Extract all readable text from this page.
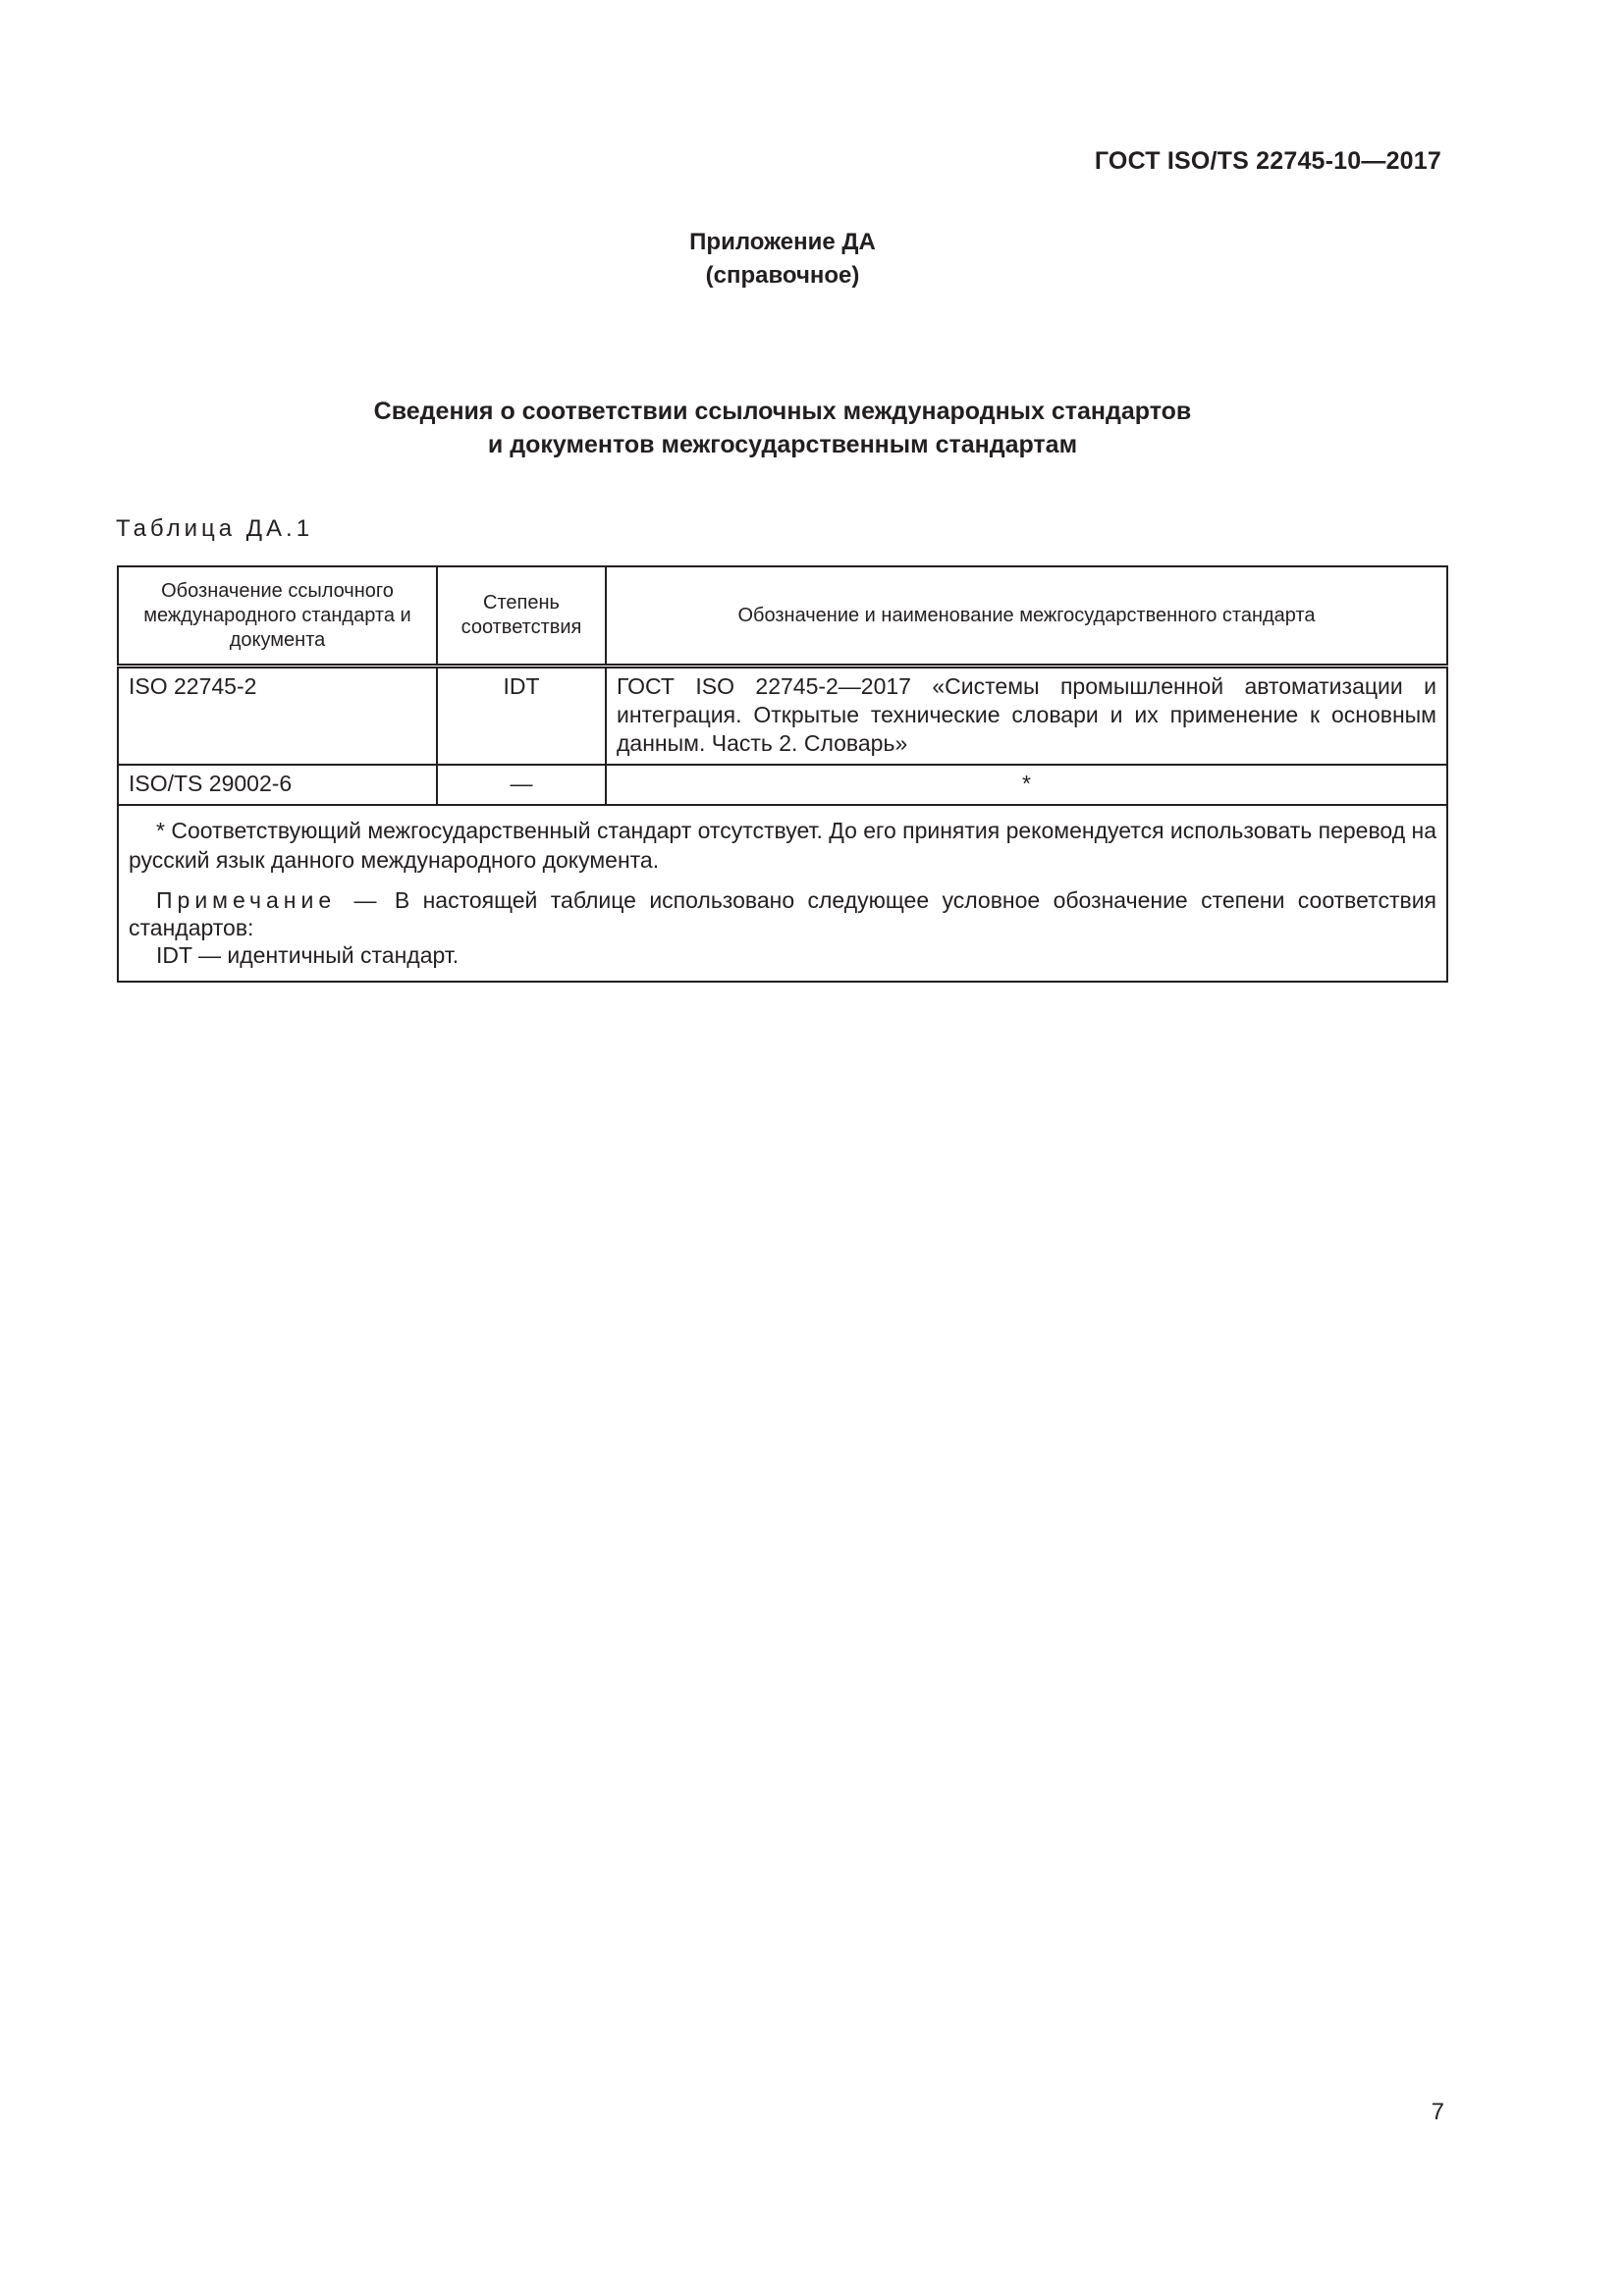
ГОСТ ISO/TS 22745-10—2017
Приложение ДА
(справочное)
Сведения о соответствии ссылочных международных стандартов
и документов межгосударственным стандартам
Таблица ДА.1
Обозначение ссылочного международного стандарта и документа	Степень соответствия	Обозначение и наименование межгосударственного стандарта
ISO 22745-2	IDT	ГОСТ ISO 22745-2—2017 «Системы промышленной автоматизации и интеграция. Открытые технические словари и их применение к основным данным. Часть 2. Словарь»
ISO/TS 29002-6	—	*

* Соответствующий межгосударственный стандарт отсутствует. До его принятия рекомендуется использовать перевод на русский язык данного международного документа.

Примечание — В настоящей таблице использовано следующее условное обозначение степени соответствия стандартов:

IDT — идентичный стандарт.		

7
